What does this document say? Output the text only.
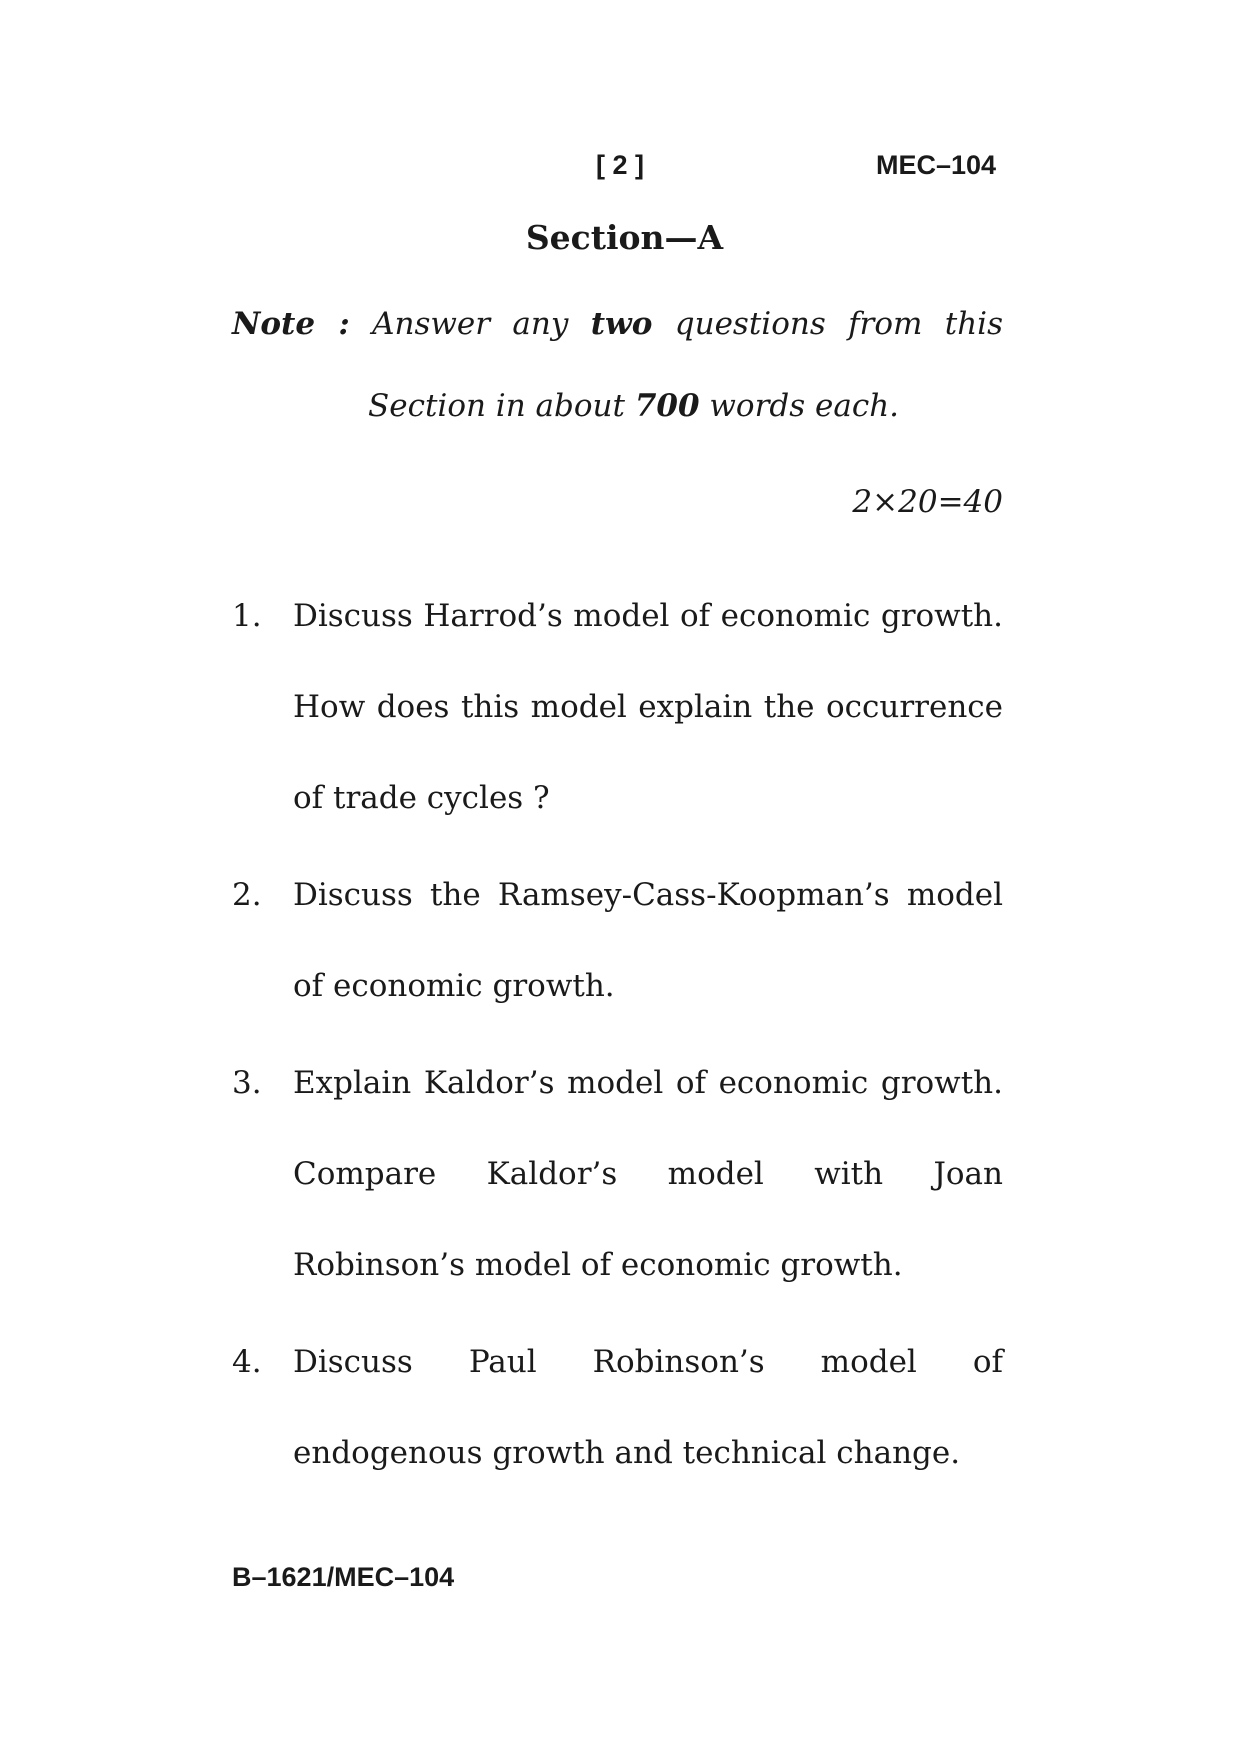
[ 2 ]	MEC–104
Section—A
Note : Answer any two questions from this
Section in about 700 words each.
2×20=40
1. Discuss Harrod’s model of economic growth.
How does this model explain the occurrence
of trade cycles ?
2. Discuss the Ramsey-Cass-Koopman’s model
of economic growth.
3. Explain Kaldor’s model of economic growth.
Compare Kaldor’s model with Joan
Robinson’s model of economic growth.
4. Discuss Paul Robinson’s model of
endogenous growth and technical change.
B–1621/MEC–104
